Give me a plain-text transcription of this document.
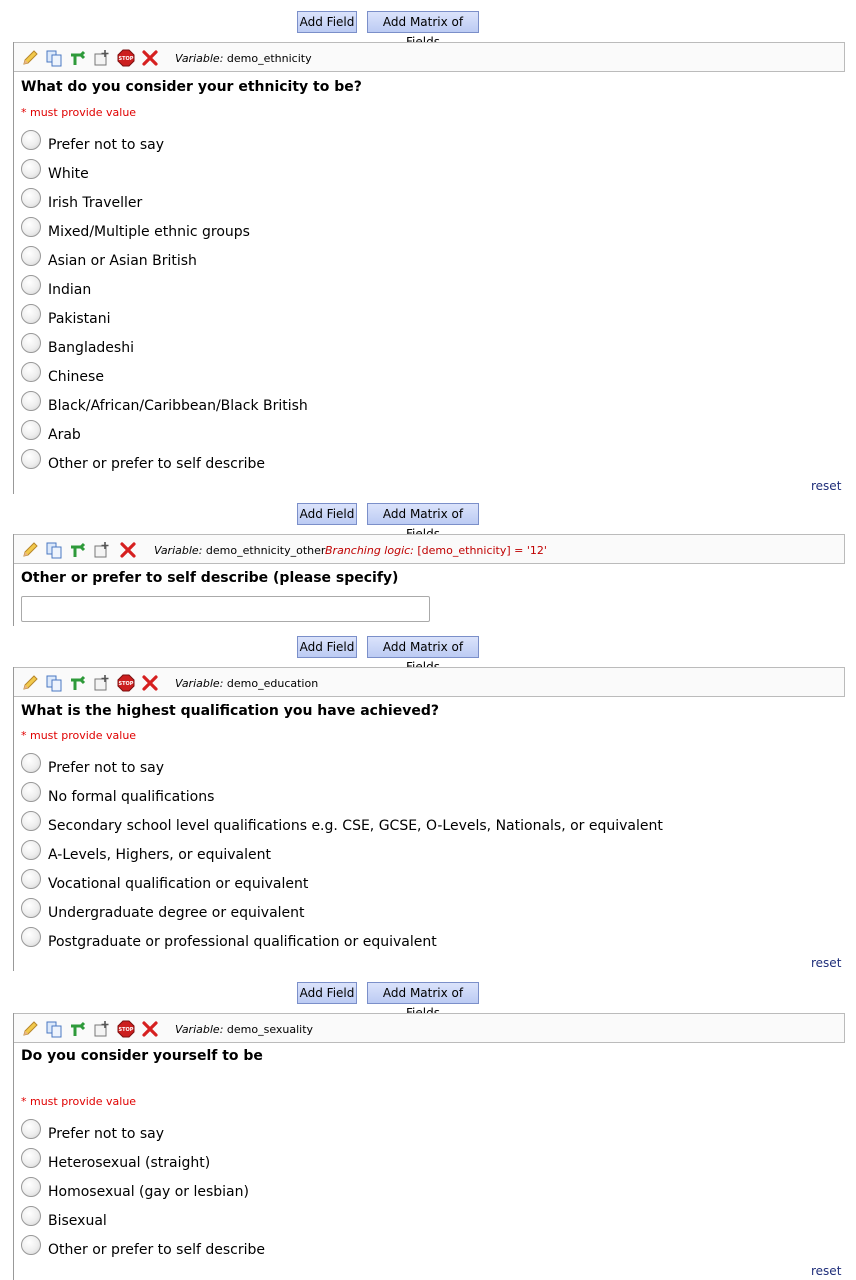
Add Field	Add Matrix of
STOP	Variable: demo_ethnicity
What do you consider your ethnicity to be?
* must provide value
Prefer not to say
White
Irish Traveller
Mixed/Multiple ethnic groups
Asian or Asian British
Indian
Pakistani
Bangladeshi
Chinese
Black/African/Caribbean/Black British
Arab
Other or prefer to self describe
reset
Add Field	Add Matrix of
Variable: demo_ethnicity_other Branching logic: [demo_ethnicity] = '12'
Other or prefer to self describe (please specify)
Add Field	Add Matrix of
STOP	Variable: demo_education
What is the highest qualification you have achieved?
* must provide value
Prefer not to say
No formal qualifications
Secondary school level qualifications e.g. CSE, GCSE, O-Levels, Nationals, or equivalent
A-Levels, Highers, or equivalent
Vocational qualification or equivalent
Undergraduate degree or equivalent
Postgraduate or professional qualification or equivalent
reset
Add Field	Add Matrix of
STOP	Variable: demo_sexuality
Do you consider yourself to be
* must provide value
Prefer not to say
Heterosexual (straight)
Homosexual (gay or lesbian)
Bisexual
Other or prefer to self describe
reset
